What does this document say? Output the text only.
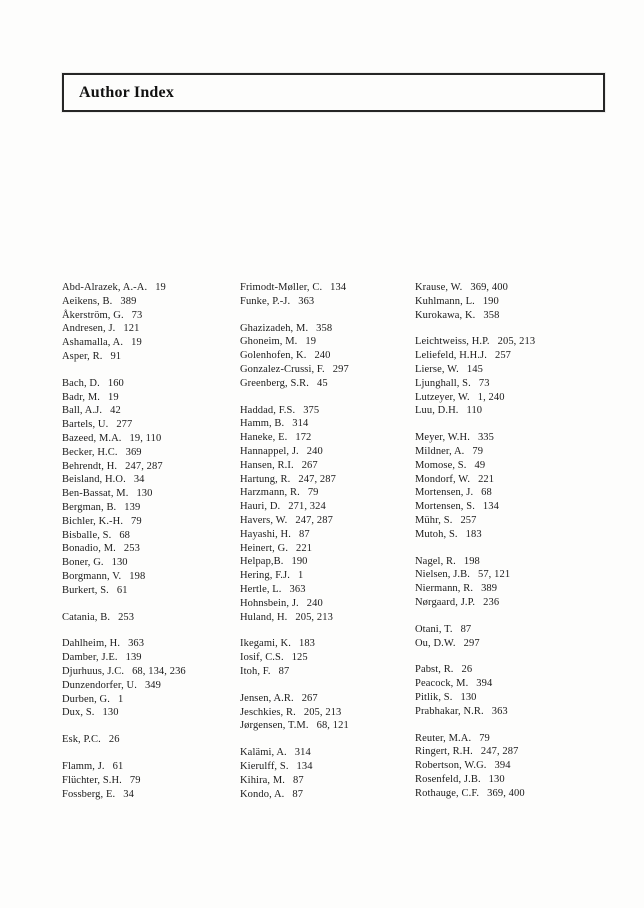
Author Index
Abd-Alrazek, A.-A. 19
Aeikens, B. 389
Åkerström, G. 73
Andresen, J. 121
Ashamalla, A. 19
Asper, R. 91
Bach, D. 160
Badr, M. 19
Ball, A.J. 42
Bartels, U. 277
Bazeed, M.A. 19, 110
Becker, H.C. 369
Behrendt, H. 247, 287
Beisland, H.O. 34
Ben-Bassat, M. 130
Bergman, B. 139
Bichler, K.-H. 79
Bisballe, S. 68
Bonadio, M. 253
Boner, G. 130
Borgmann, V. 198
Burkert, S. 61
Catania, B. 253
Dahlheim, H. 363
Damber, J.E. 139
Djurhuus, J.C. 68, 134, 236
Dunzendorfer, U. 349
Durben, G. 1
Dux, S. 130
Esk, P.C. 26
Flamm, J. 61
Flüchter, S.H. 79
Fossberg, E. 34
Frimodt-Møller, C. 134
Funke, P.-J. 363
Ghazizadeh, M. 358
Ghoneim, M. 19
Golenhofen, K. 240
Gonzalez-Crussi, F. 297
Greenberg, S.R. 45
Haddad, F.S. 375
Hamm, B. 314
Haneke, E. 172
Hannappel, J. 240
Hansen, R.I. 267
Hartung, R. 247, 287
Harzmann, R. 79
Hauri, D. 271, 324
Havers, W. 247, 287
Hayashi, H. 87
Heinert, G. 221
Helpap,B. 190
Hering, F.J. 1
Hertle, L. 363
Hohnsbein, J. 240
Huland, H. 205, 213
Ikegami, K. 183
Iosif, C.S. 125
Itoh, F. 87
Jensen, A.R. 267
Jeschkies, R. 205, 213
Jørgensen, T.M. 68, 121
Kalämi, A. 314
Kierulff, S. 134
Kihira, M. 87
Kondo, A. 87
Krause, W. 369, 400
Kuhlmann, L. 190
Kurokawa, K. 358
Leichtweiss, H.P. 205, 213
Leliefeld, H.H.J. 257
Lierse, W. 145
Ljunghall, S. 73
Lutzeyer, W. 1, 240
Luu, D.H. 110
Meyer, W.H. 335
Mildner, A. 79
Momose, S. 49
Mondorf, W. 221
Mortensen, J. 68
Mortensen, S. 134
Mühr, S. 257
Mutoh, S. 183
Nagel, R. 198
Nielsen, J.B. 57, 121
Niermann, R. 389
Nørgaard, J.P. 236
Otani, T. 87
Ou, D.W. 297
Pabst, R. 26
Peacock, M. 394
Pitlik, S. 130
Prabhakar, N.R. 363
Reuter, M.A. 79
Ringert, R.H. 247, 287
Robertson, W.G. 394
Rosenfeld, J.B. 130
Rothauge, C.F. 369, 400
